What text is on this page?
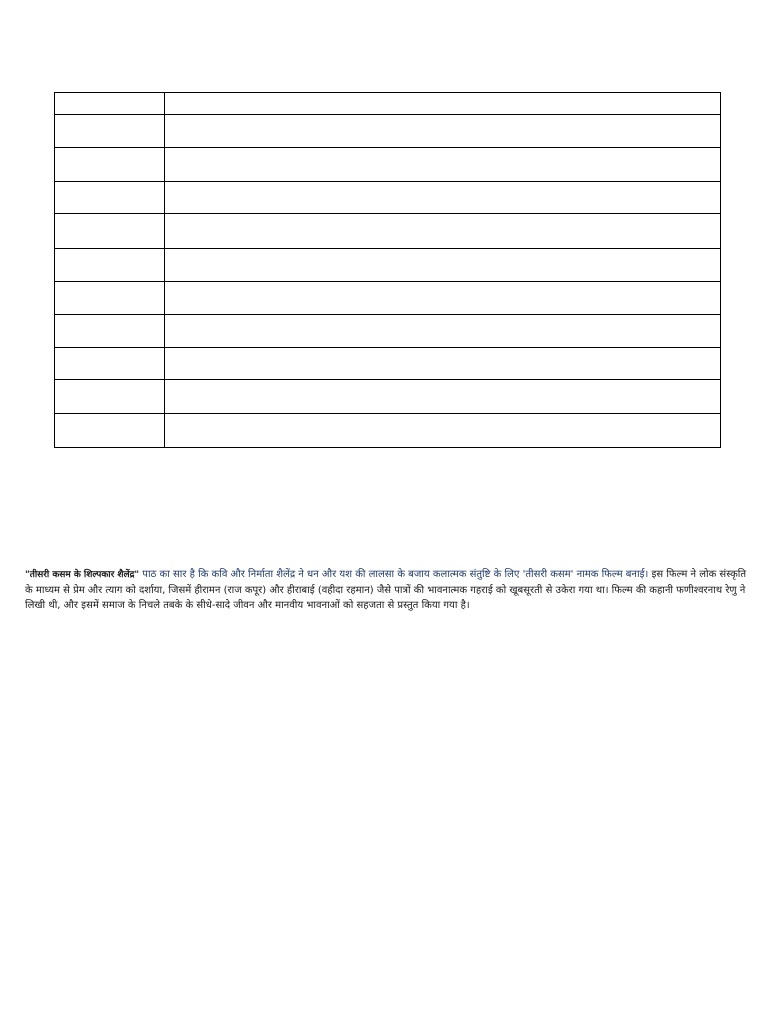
"तीसरी कसम के शिल्पकार शैलेंद्र" पाठ का सार है कि कवि और निर्माता शैलेंद्र ने धन और यश की लालसा के बजाय कलात्मक संतुष्टि के लिए 'तीसरी कसम' नामक फिल्म बनाई। इस फिल्म ने लोक संस्कृति के माध्यम से प्रेम और त्याग को दर्शाया, जिसमें हीरामन (राज कपूर) और हीराबाई (वहीदा रहमान) जैसे पात्रों की भावनात्मक गहराई को खूबसूरती से उकेरा गया था। फिल्म की कहानी फणीश्वरनाथ रेणु ने लिखी थी, और इसमें समाज के निचले तबके के सीधे-सादे जीवन और मानवीय भावनाओं को सहजता से प्रस्तुत किया गया है।
